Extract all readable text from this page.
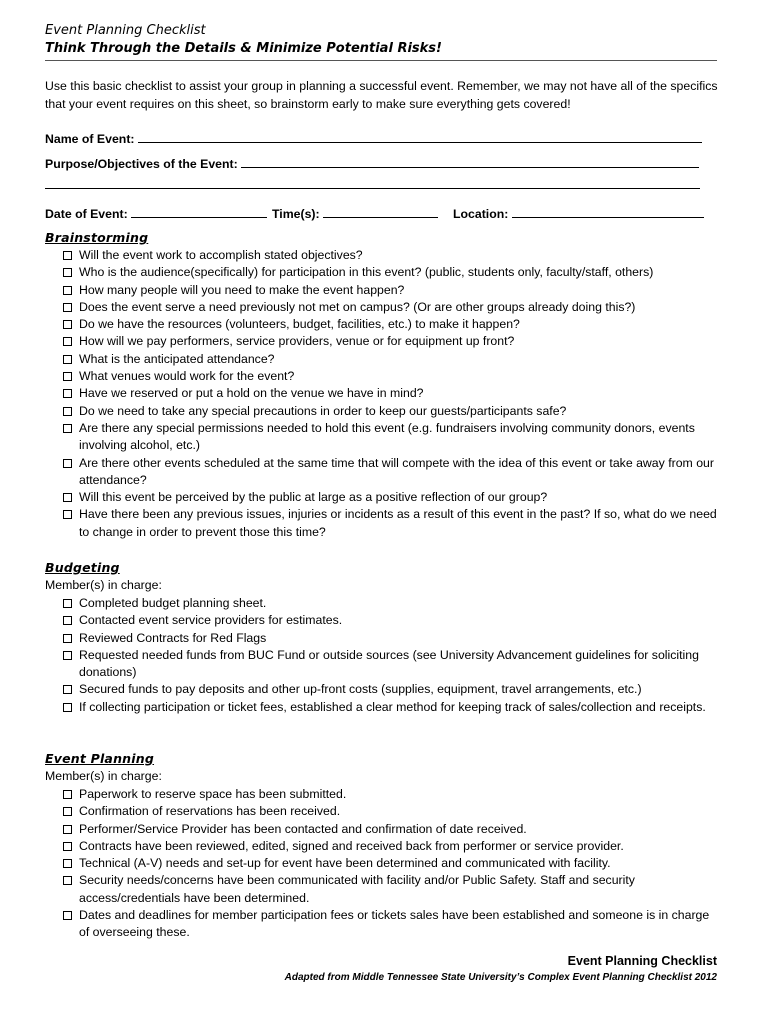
Event Planning Checklist
Think Through the Details & Minimize Potential Risks!
Use this basic checklist to assist your group in planning a successful event. Remember, we may not have all of the specifics that your event requires on this sheet, so brainstorm early to make sure everything gets covered!
Name of Event:
Purpose/Objectives of the Event:
Date of Event:	Time(s):	Location:
Brainstorming
Will the event work to accomplish stated objectives?
Who is the audience(specifically) for participation in this event? (public, students only, faculty/staff, others)
How many people will you need to make the event happen?
Does the event serve a need previously not met on campus? (Or are other groups already doing this?)
Do we have the resources (volunteers, budget, facilities, etc.) to make it happen?
How will we pay performers, service providers, venue or for equipment up front?
What is the anticipated attendance?
What venues would work for the event?
Have we reserved or put a hold on the venue we have in mind?
Do we need to take any special precautions in order to keep our guests/participants safe?
Are there any special permissions needed to hold this event (e.g. fundraisers involving community donors, events involving alcohol, etc.)
Are there other events scheduled at the same time that will compete with the idea of this event or take away from our attendance?
Will this event be perceived by the public at large as a positive reflection of our group?
Have there been any previous issues, injuries or incidents as a result of this event in the past? If so, what do we need to change in order to prevent those this time?
Budgeting
Member(s) in charge:
Completed budget planning sheet.
Contacted event service providers for estimates.
Reviewed Contracts for Red Flags
Requested needed funds from BUC Fund or outside sources (see University Advancement guidelines for soliciting donations)
Secured funds to pay deposits and other up-front costs (supplies, equipment, travel arrangements, etc.)
If collecting participation or ticket fees, established a clear method for keeping track of sales/collection and receipts.
Event Planning
Member(s) in charge:
Paperwork to reserve space has been submitted.
Confirmation of reservations has been received.
Performer/Service Provider has been contacted and confirmation of date received.
Contracts have been reviewed, edited, signed and received back from performer or service provider.
Technical (A-V) needs and set-up for event have been determined and communicated with facility.
Security needs/concerns have been communicated with facility and/or Public Safety. Staff and security access/credentials have been determined.
Dates and deadlines for member participation fees or tickets sales have been established and someone is in charge of overseeing these.
Event Planning Checklist
Adapted from Middle Tennessee State University’s Complex Event Planning Checklist 2012
